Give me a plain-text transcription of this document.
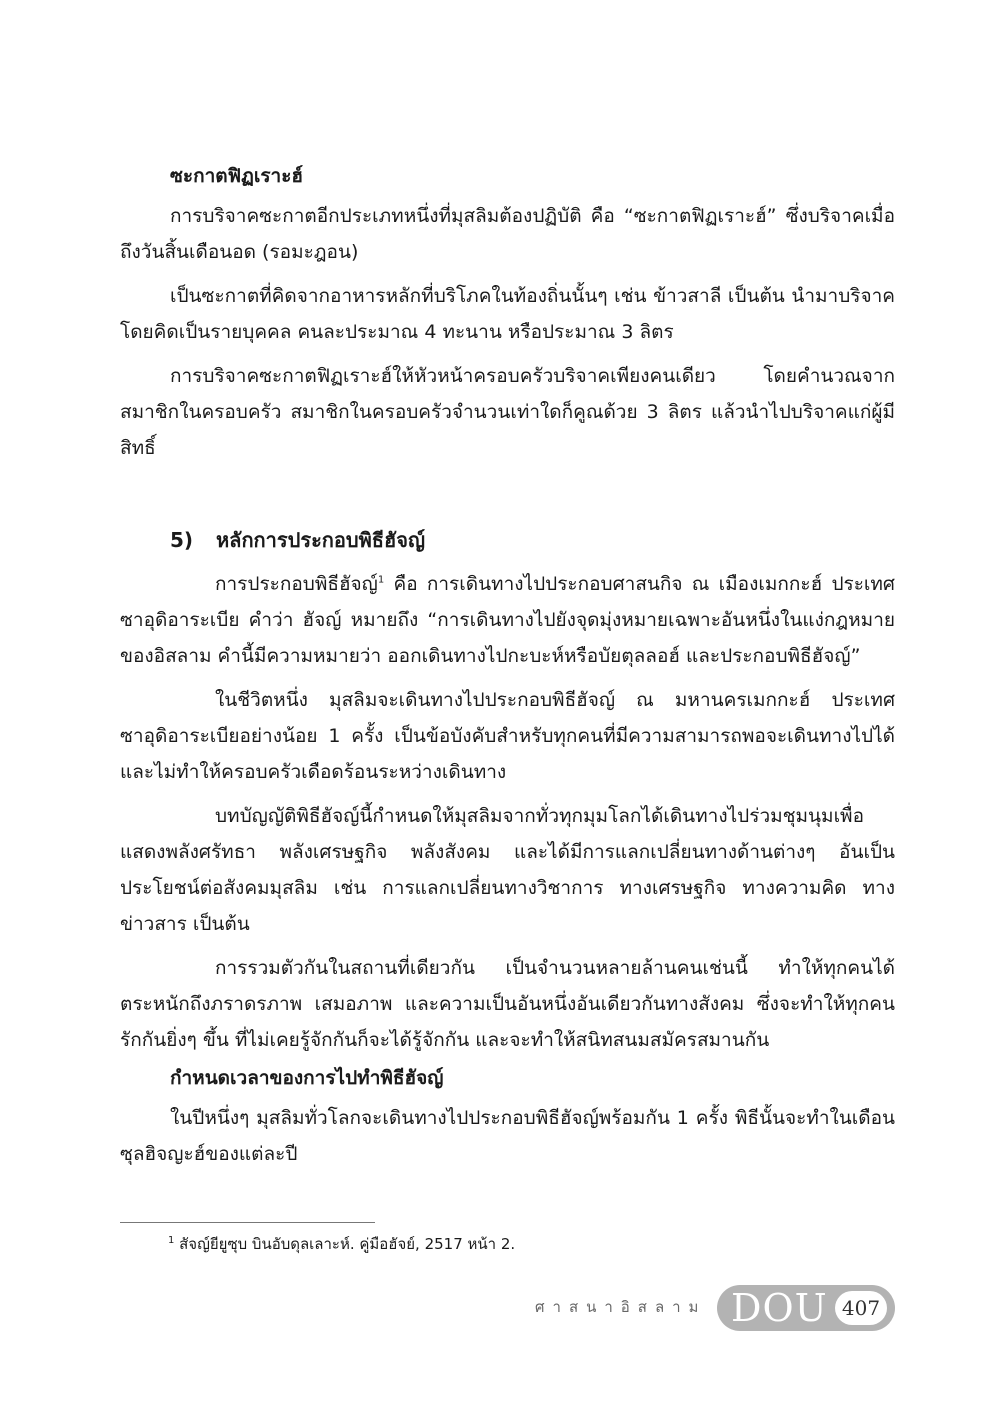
ซะกาตฟิฏเราะฮ์

การบริจาคซะกาตอีกประเภทหนึ่งที่มุสลิมต้องปฏิบัติ คือ “ซะกาตฟิฏเราะฮ์” ซึ่งบริจาคเมื่อถึงวันสิ้นเดือนอด (รอมะฎอน)

เป็นซะกาตที่คิดจากอาหารหลักที่บริโภคในท้องถิ่นนั้นๆ เช่น ข้าวสาลี เป็นต้น นำมาบริจาคโดยคิดเป็นรายบุคคล คนละประมาณ 4 ทะนาน หรือประมาณ 3 ลิตร

การบริจาคซะกาตฟิฏเราะฮ์ให้หัวหน้าครอบครัวบริจาคเพียงคนเดียว โดยคำนวณจากสมาชิกในครอบครัว สมาชิกในครอบครัวจำนวนเท่าใดก็คูณด้วย 3 ลิตร แล้วนำไปบริจาคแก่ผู้มีสิทธิ์

5) หลักการประกอบพิธีฮัจญ์

การประกอบพิธีฮัจญ์$^1$ คือ การเดินทางไปประกอบศาสนกิจ ณ เมืองเมกกะฮ์ ประเทศซาอุดิอาระเบีย คำว่า ฮัจญ์ หมายถึง “การเดินทางไปยังจุดมุ่งหมายเฉพาะอันหนึ่งในแง่กฎหมายของอิสลาม คำนี้มีความหมายว่า ออกเดินทางไปกะบะห์หรือบัยตุลลอฮ์ และประกอบพิธีฮัจญ์”

ในชีวิตหนึ่ง มุสลิมจะเดินทางไปประกอบพิธีฮัจญ์ ณ มหานครเมกกะฮ์ ประเทศซาอุดิอาระเบียอย่างน้อย 1 ครั้ง เป็นข้อบังคับสำหรับทุกคนที่มีความสามารถพอจะเดินทางไปได้และไม่ทำให้ครอบครัวเดือดร้อนระหว่างเดินทาง

บทบัญญัติพิธีฮัจญ์นี้กำหนดให้มุสลิมจากทั่วทุกมุมโลกได้เดินทางไปร่วมชุมนุมเพื่อแสดงพลังศรัทธา พลังเศรษฐกิจ พลังสังคม และได้มีการแลกเปลี่ยนทางด้านต่างๆ อันเป็นประโยชน์ต่อสังคมมุสลิม เช่น การแลกเปลี่ยนทางวิชาการ ทางเศรษฐกิจ ทางความคิด ทางข่าวสาร เป็นต้น

การรวมตัวกันในสถานที่เดียวกัน เป็นจำนวนหลายล้านคนเช่นนี้ ทำให้ทุกคนได้ตระหนักถึงภราดรภาพ เสมอภาพ และความเป็นอันหนึ่งอันเดียวกันทางสังคม ซึ่งจะทำให้ทุกคนรักกันยิ่งๆ ขึ้น ที่ไม่เคยรู้จักกันก็จะได้รู้จักกัน และจะทำให้สนิทสนมสมัครสมานกัน

กำหนดเวลาของการไปทำพิธีฮัจญ์

ในปีหนึ่งๆ มุสลิมทั่วโลกจะเดินทางไปประกอบพิธีฮัจญ์พร้อมกัน 1 ครั้ง พิธีนั้นจะทำในเดือนซุลฮิจญะฮ์ของแต่ละปี

$^1$ สัจญ์ยียูซุบ บินอับดุลเลาะห์. คู่มือฮัจย์, 2517 หน้า 2.

ศาสนาอิสลาม DOU 407
